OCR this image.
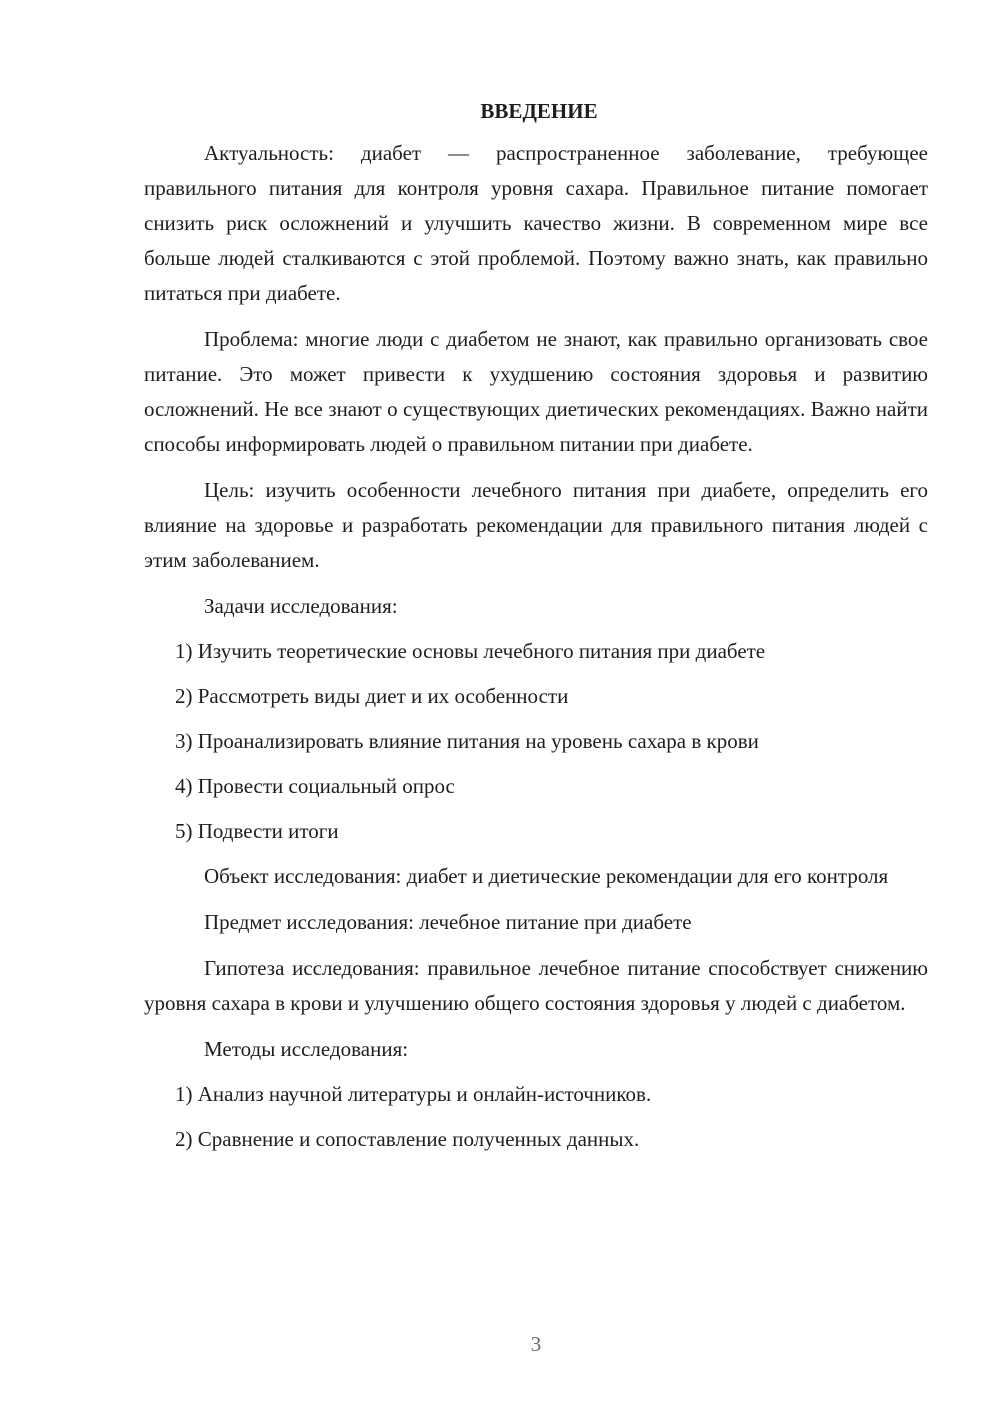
ВВЕДЕНИЕ

Актуальность: диабет — распространенное заболевание, требующее правильного питания для контроля уровня сахара. Правильное питание помогает снизить риск осложнений и улучшить качество жизни. В современном мире все больше людей сталкиваются с этой проблемой. Поэтому важно знать, как правильно питаться при диабете.

Проблема: многие люди с диабетом не знают, как правильно организовать свое питание. Это может привести к ухудшению состояния здоровья и развитию осложнений. Не все знают о существующих диетических рекомендациях. Важно найти способы информировать людей о правильном питании при диабете.

Цель: изучить особенности лечебного питания при диабете, определить его влияние на здоровье и разработать рекомендации для правильного питания людей с этим заболеванием.

Задачи исследования:
1) Изучить теоретические основы лечебного питания при диабете
2) Рассмотреть виды диет и их особенности
3) Проанализировать влияние питания на уровень сахара в крови
4) Провести социальный опрос
5) Подвести итоги

Объект исследования: диабет и диетические рекомендации для его контроля

Предмет исследования: лечебное питание при диабете

Гипотеза исследования: правильное лечебное питание способствует снижению уровня сахара в крови и улучшению общего состояния здоровья у людей с диабетом.

Методы исследования:
1) Анализ научной литературы и онлайн-источников.
2) Сравнение и сопоставление полученных данных.
3
